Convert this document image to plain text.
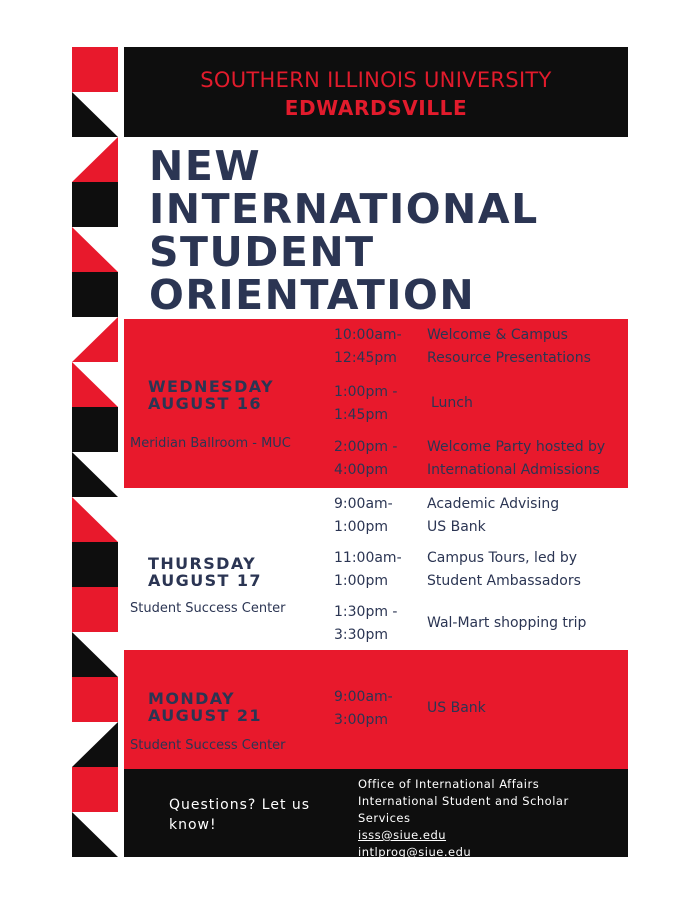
SOUTHERN ILLINOIS UNIVERSITY
EDWARDSVILLE
NEW
INTERNATIONAL
STUDENT
ORIENTATION
WEDNESDAY
AUGUST 16
Meridian Ballroom - MUC
10:00am-
12:45pm
Welcome & Campus
Resource Presentations
1:00pm -
1:45pm
Lunch
2:00pm -
4:00pm
Welcome Party hosted by
International Admissions
THURSDAY
AUGUST 17
Student Success Center
9:00am-
1:00pm
Academic Advising
US Bank
11:00am-
1:00pm
Campus Tours, led by
Student Ambassadors
1:30pm -
3:30pm
Wal-Mart shopping trip
MONDAY
AUGUST 21
Student Success Center
9:00am-
3:00pm
US Bank
Questions? Let us
know!
Office of International Affairs
International Student and Scholar
Services
isss@siue.edu
intlprog@siue.edu
